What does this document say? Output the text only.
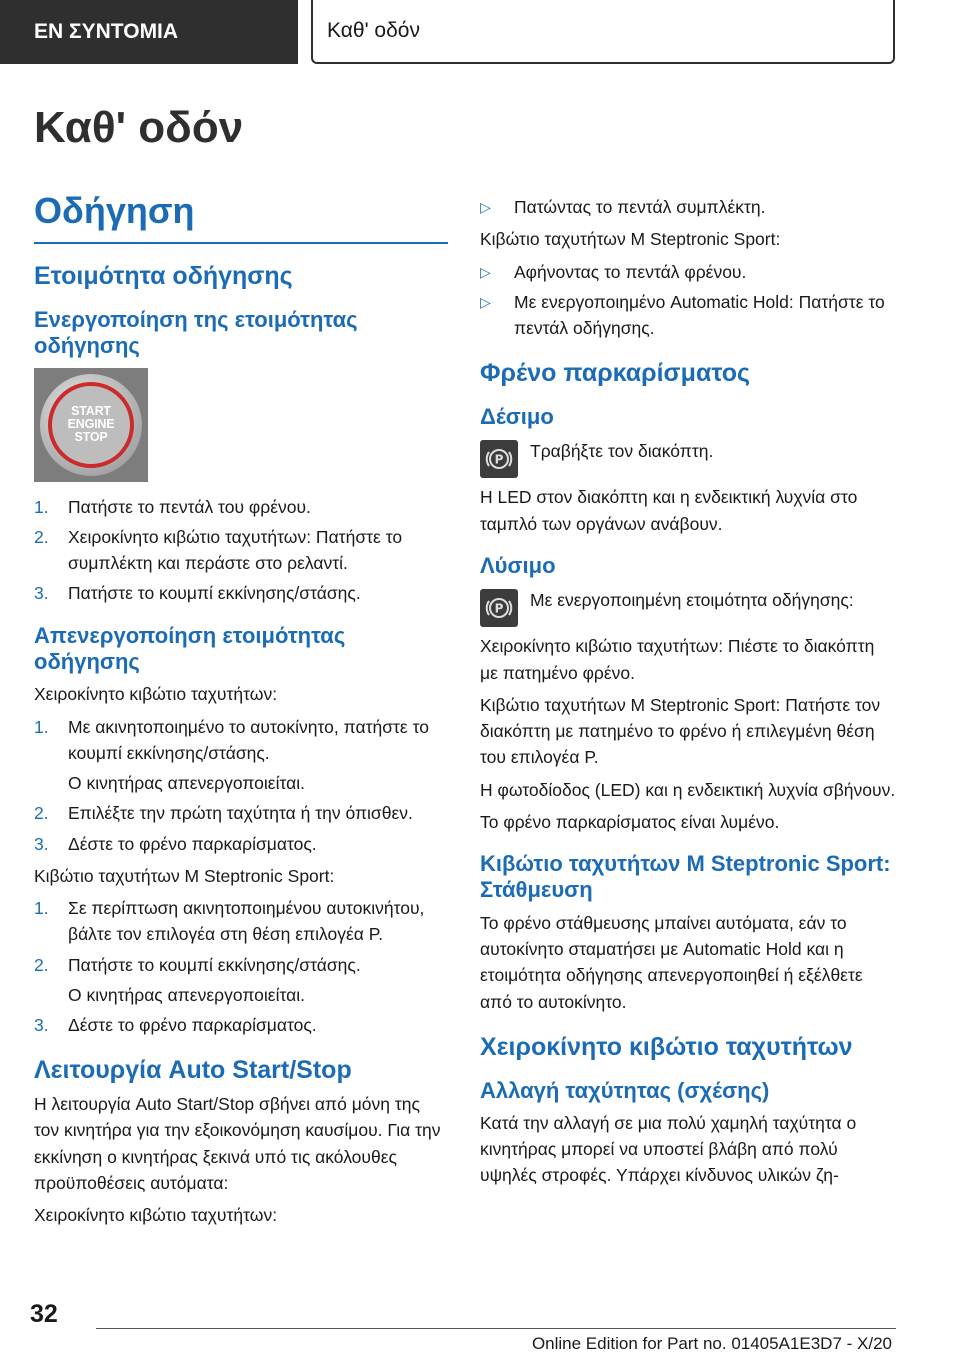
ΕΝ ΣΥΝΤΟΜΙΑ	Καθ' οδόν
Καθ' οδόν
Οδήγηση
Ετοιμότητα οδήγησης
Ενεργοποίηση της ετοιμότητας οδήγησης
START
ENGINE
STOP
1.	Πατήστε το πεντάλ του φρένου.
2.	Χειροκίνητο κιβώτιο ταχυτήτων: Πατήστε το συμπλέκτη και περάστε στο ρελαντί.
3.	Πατήστε το κουμπί εκκίνησης/στάσης.
Απενεργοποίηση ετοιμότητας οδήγησης

Χειροκίνητο κιβώτιο ταχυτήτων:

1.	Με ακινητοποιημένο το αυτοκίνητο, πατήστε το κουμπί εκκίνησης/στάσης.
Ο κινητήρας απενεργοποιείται.
2.	Επιλέξτε την πρώτη ταχύτητα ή την όπισθεν.
3.	Δέστε το φρένο παρκαρίσματος.

Κιβώτιο ταχυτήτων M Steptronic Sport:

1.	Σε περίπτωση ακινητοποιημένου αυτοκινήτου, βάλτε τον επιλογέα στη θέση επιλογέα P.
2.	Πατήστε το κουμπί εκκίνησης/στάσης.
Ο κινητήρας απενεργοποιείται.
3.	Δέστε το φρένο παρκαρίσματος.
Λειτουργία Auto Start/Stop

Η λειτουργία Auto Start/Stop σβήνει από μόνη της τον κινητήρα για την εξοικονόμηση καυσίμου. Για την εκκίνηση ο κινητήρας ξεκινά υπό τις ακόλουθες προϋποθέσεις αυτόματα:

Χειροκίνητο κιβώτιο ταχυτήτων:

▷	Πατώντας το πεντάλ συμπλέκτη.

Κιβώτιο ταχυτήτων M Steptronic Sport:

▷	Αφήνοντας το πεντάλ φρένου.
▷	Με ενεργοποιημένο Automatic Hold: Πατήστε το πεντάλ οδήγησης.
Φρένο παρκαρίσματος
Δέσιμο
P Τραβήξτε τον διακόπτη.

Η LED στον διακόπτη και η ενδεικτική λυχνία στο ταμπλό των οργάνων ανάβουν.

Λύσιμο
P Με ενεργοποιημένη ετοιμότητα οδήγησης:

Χειροκίνητο κιβώτιο ταχυτήτων: Πιέστε το διακόπτη με πατημένο φρένο.

Κιβώτιο ταχυτήτων M Steptronic Sport: Πατήστε τον διακόπτη με πατημένο το φρένο ή επιλεγμένη θέση του επιλογέα P.

Η φωτοδίοδος (LED) και η ενδεικτική λυχνία σβήνουν.

Το φρένο παρκαρίσματος είναι λυμένο.

Κιβώτιο ταχυτήτων M Steptronic Sport: Στάθμευση

Το φρένο στάθμευσης μπαίνει αυτόματα, εάν το αυτοκίνητο σταματήσει με Automatic Hold και η ετοιμότητα οδήγησης απενεργοποιηθεί ή εξέλθετε από το αυτοκίνητο.

Χειροκίνητο κιβώτιο ταχυτήτων
Αλλαγή ταχύτητας (σχέσης)

Κατά την αλλαγή σε μια πολύ χαμηλή ταχύτητα ο κινητήρας μπορεί να υποστεί βλάβη από πολύ υψηλές στροφές. Υπάρχει κίνδυνος υλικών ζη-

32
Online Edition for Part no. 01405A1E3D7 - X/20
